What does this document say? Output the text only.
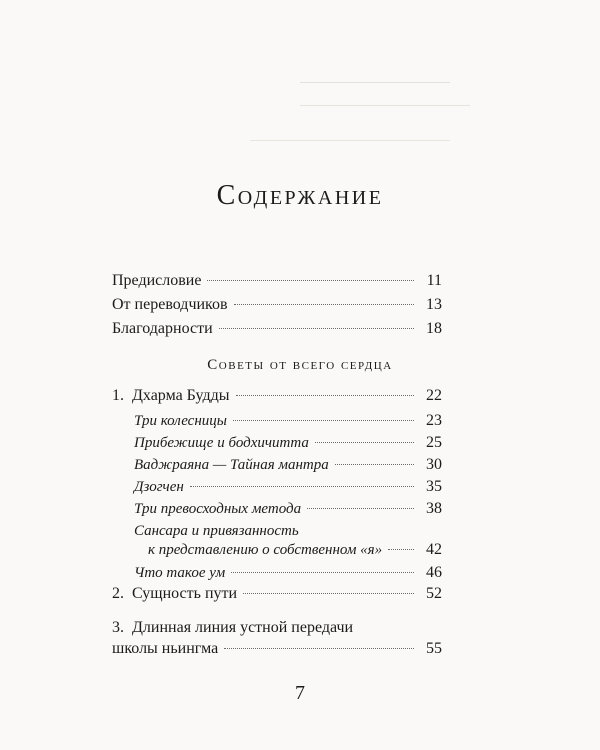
Содержание
Предисловие	11
От переводчиков	13
Благодарности	18
Советы от всего сердца
1. Дхарма Будды	22
Три колесницы	23
Прибежище и бодхичитта	25
Ваджраяна — Тайная мантра	30
Дзогчен	35
Три превосходных метода	38
Сансара и привязанность
к представлению о собственном «я»	42
Что такое ум	46
2. Сущность пути	52
3. Длинная линия устной передачи
школы ньингма	55
7
